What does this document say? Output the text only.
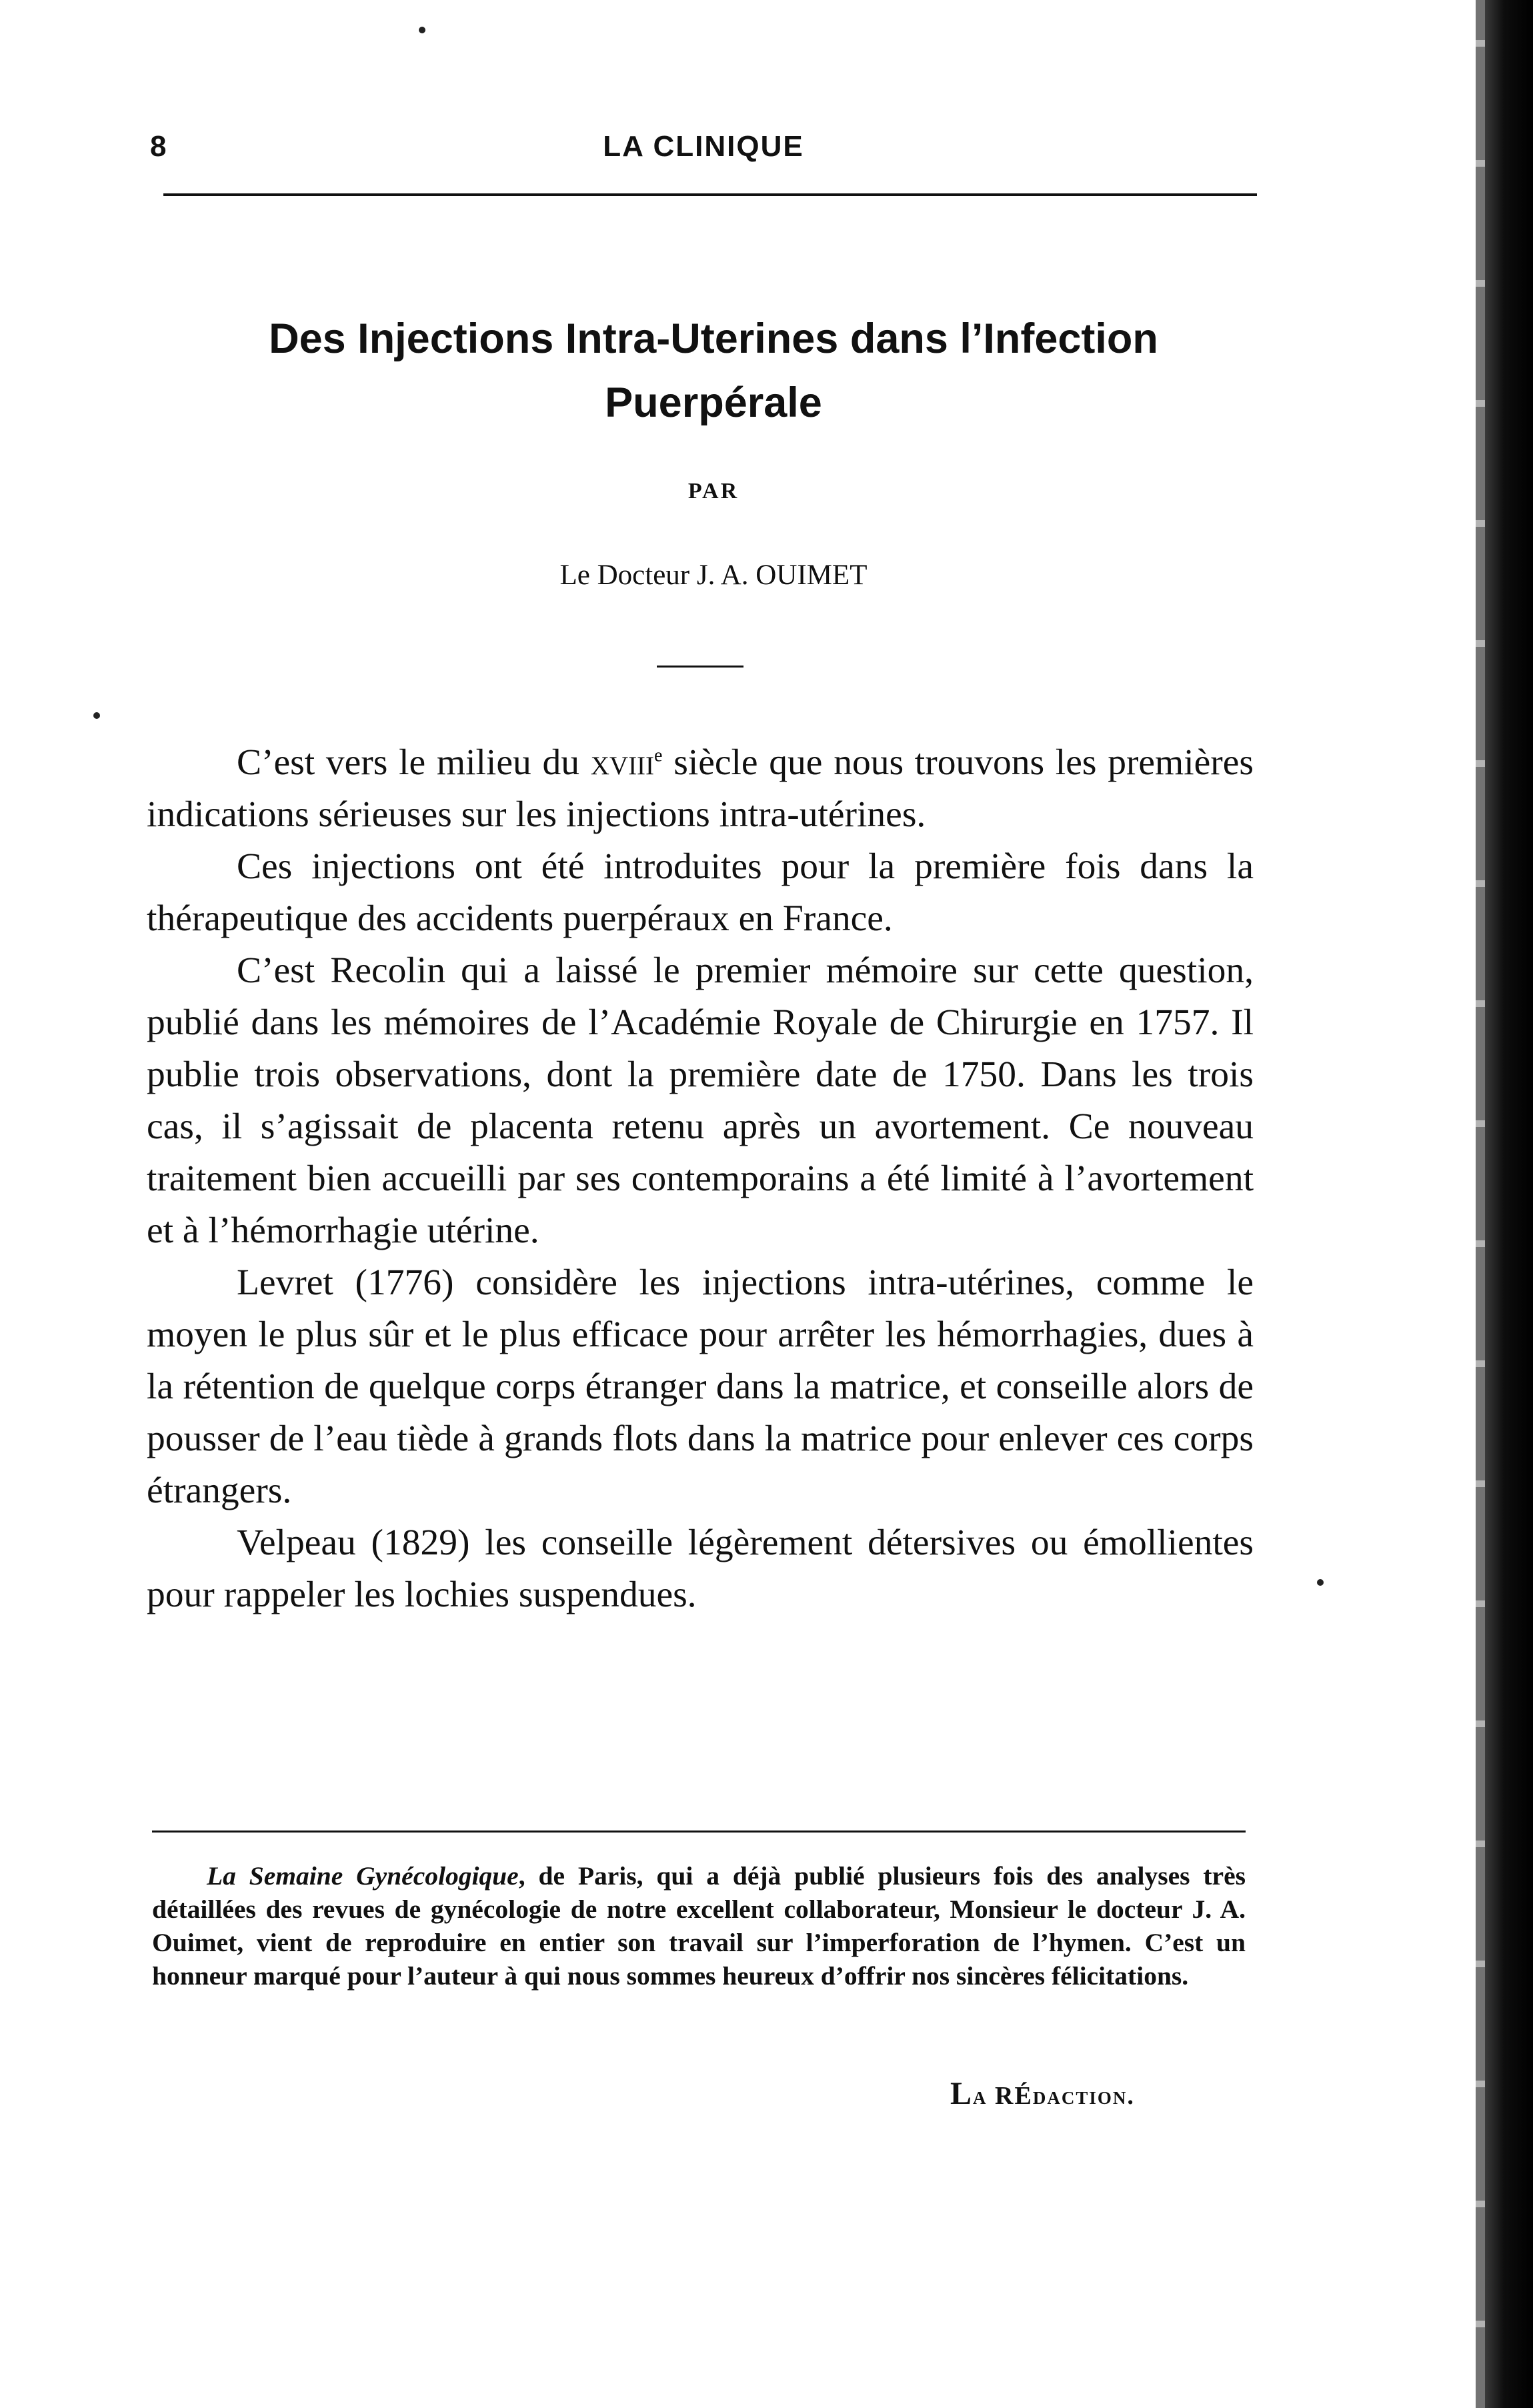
8	LA CLINIQUE
Des Injections Intra-Uterines dans l’Infection
Puerpérale
PAR
Le Docteur J. A. OUIMET

C’est vers le milieu du xviii$^e$ siècle que nous trouvons les premières indications sérieuses sur les injections intra-utérines.

Ces injections ont été introduites pour la première fois dans la thérapeutique des accidents puerpéraux en France.

C’est Recolin qui a laissé le premier mémoire sur cette question, publié dans les mémoires de l’Académie Royale de Chirurgie en 1757. Il publie trois observations, dont la première date de 1750. Dans les trois cas, il s’agissait de placenta retenu après un avortement. Ce nouveau traitement bien accueilli par ses contemporains a été limité à l’avortement et à l’hémorrhagie utérine.

Levret (1776) considère les injections intra-utérines, comme le moyen le plus sûr et le plus efficace pour arrêter les hémorrhagies, dues à la rétention de quelque corps étranger dans la matrice, et conseille alors de pousser de l’eau tiède à grands flots dans la matrice pour enlever ces corps étrangers.

Velpeau (1829) les conseille légèrement détersives ou émollientes pour rappeler les lochies suspendues.

La Semaine Gynécologique, de Paris, qui a déjà publié plusieurs fois des analyses très détaillées des revues de gynécologie de notre excellent collaborateur, Monsieur le docteur J. A. Ouimet, vient de reproduire en entier son travail sur l’imperforation de l’hymen. C’est un honneur marqué pour l’auteur à qui nous sommes heureux d’offrir nos sincères félicitations.

La RÉdaction.
